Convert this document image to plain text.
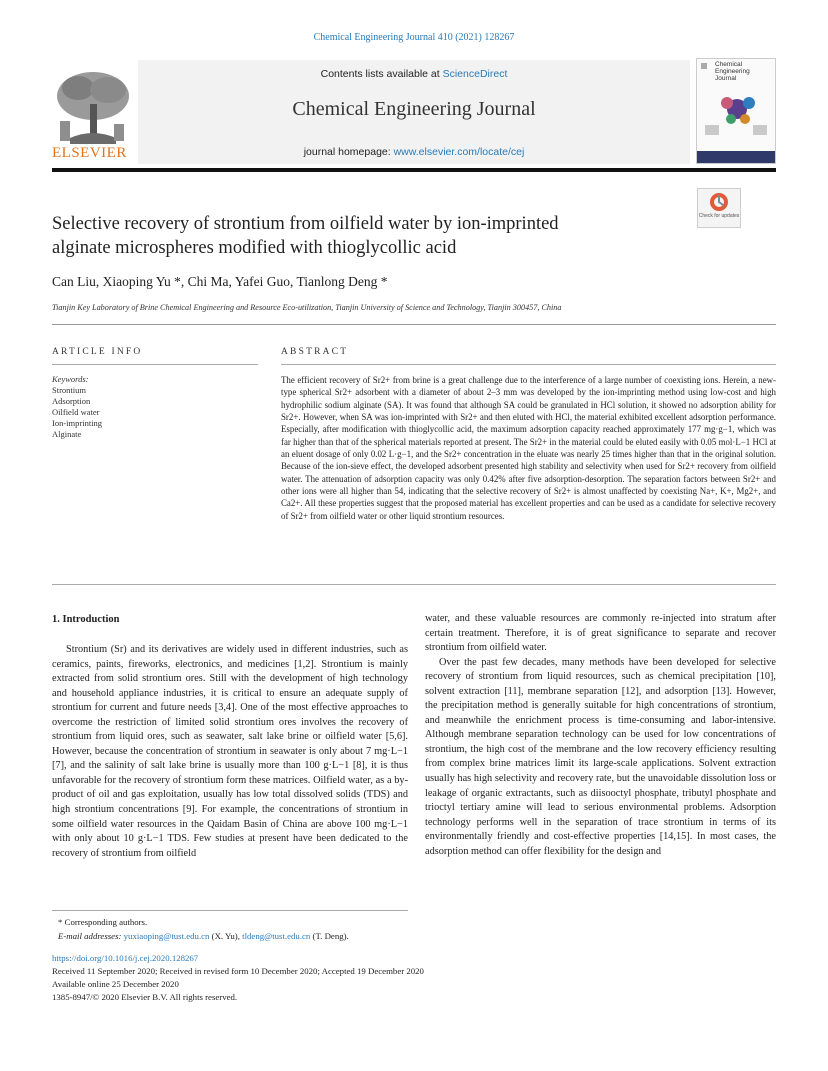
Chemical Engineering Journal 410 (2021) 128267
ELSEVIER
Contents lists available at ScienceDirect
Chemical Engineering Journal
journal homepage: www.elsevier.com/locate/cej
Chemical
Engineering
Journal
Selective recovery of strontium from oilfield water by ion-imprinted
alginate microspheres modified with thioglycollic acid
Check for updates
Can Liu, Xiaoping Yu *, Chi Ma, Yafei Guo, Tianlong Deng *
Tianjin Key Laboratory of Brine Chemical Engineering and Resource Eco-utilization, Tianjin University of Science and Technology, Tianjin 300457, China
ARTICLE INFO	ABSTRACT
Keywords:
Strontium
Adsorption
Oilfield water
Ion-imprinting
Alginate
The efficient recovery of Sr2+ from brine is a great challenge due to the interference of a large number of coexisting ions. Herein, a new-type spherical Sr2+ adsorbent with a diameter of about 2–3 mm was developed by the ion-imprinting method using low-cost and high hydrophilic sodium alginate (SA). It was found that although SA could be granulated in HCl solution, it showed no adsorption ability for Sr2+. However, when SA was ion-imprinted with Sr2+ and then eluted with HCl, the material exhibited excellent adsorption performance. Especially, after modification with thioglycollic acid, the maximum adsorption capacity reached approximately 177 mg·g−1, which was far higher than that of the spherical materials reported at present. The Sr2+ in the material could be eluted easily with 0.05 mol·L−1 HCl at an eluent dosage of only 0.02 L·g−1, and the Sr2+ concentration in the eluate was nearly 25 times higher than that in the original solution. Because of the ion-sieve effect, the developed adsorbent presented high stability and selectivity when used for Sr2+ recovery from oilfield water. The attenuation of adsorption capacity was only 0.42% after five adsorption-desorption. The separation factors between Sr2+ and other ions were all higher than 54, indicating that the selective recovery of Sr2+ is almost unaffected by coexisting Na+, K+, Mg2+, and Ca2+. All these properties suggest that the proposed material has excellent properties and can be used as a candidate for selective recovery of Sr2+ from oilfield water or other liquid strontium resources.
1. Introduction

Strontium (Sr) and its derivatives are widely used in different industries, such as ceramics, paints, fireworks, electronics, and medicines [1,2]. Strontium is mainly extracted from solid strontium ores. Still with the development of high technology and household appliance industries, it is critical to ensure an adequate supply of strontium for current and future needs [3,4]. One of the most effective approaches to overcome the restriction of limited solid strontium ores involves the recovery of strontium from liquid ores, such as seawater, salt lake brine or oilfield water [5,6]. However, because the concentration of strontium in seawater is only about 7 mg·L−1 [7], and the salinity of salt lake brine is usually more than 100 g·L−1 [8], it is thus unfavorable for the recovery of strontium form these matrices. Oilfield water, as a by-product of oil and gas exploitation, usually has low total dissolved solids (TDS) and high strontium concentrations [9]. For example, the concentrations of strontium in some oilfield water resources in the Qaidam Basin of China are above 100 mg·L−1 with only about 10 g·L−1 TDS. Few studies at present have been dedicated to the recovery of strontium from oilfield

water, and these valuable resources are commonly re-injected into stratum after certain treatment. Therefore, it is of great significance to separate and recover strontium from oilfield water.

Over the past few decades, many methods have been developed for selective recovery of strontium from liquid resources, such as chemical precipitation [10], solvent extraction [11], membrane separation [12], and adsorption [13]. However, the precipitation method is generally suitable for high concentrations of strontium, and meanwhile the enrichment process is time-consuming and labor-intensive. Although membrane separation technology can be used for low concentrations of strontium, the high cost of the membrane and the low recovery efficiency resulting from complex brine matrices limit its large-scale applications. Solvent extraction usually has high selectivity and recovery rate, but the unavoidable dissolution loss or leakage of organic extractants, such as diisooctyl phosphate, tributyl phosphate and trioctyl tertiary amine will lead to serious environmental problems. Adsorption technology performs well in the separation of trace strontium in terms of its environmentally friendly and cost-effective properties [14,15]. In most cases, the adsorption method can offer flexibility for the design and

* Corresponding authors.
E-mail addresses: yuxiaoping@tust.edu.cn (X. Yu), tldeng@tust.edu.cn (T. Deng).
https://doi.org/10.1016/j.cej.2020.128267
Received 11 September 2020; Received in revised form 10 December 2020; Accepted 19 December 2020
Available online 25 December 2020
1385-8947/© 2020 Elsevier B.V. All rights reserved.
